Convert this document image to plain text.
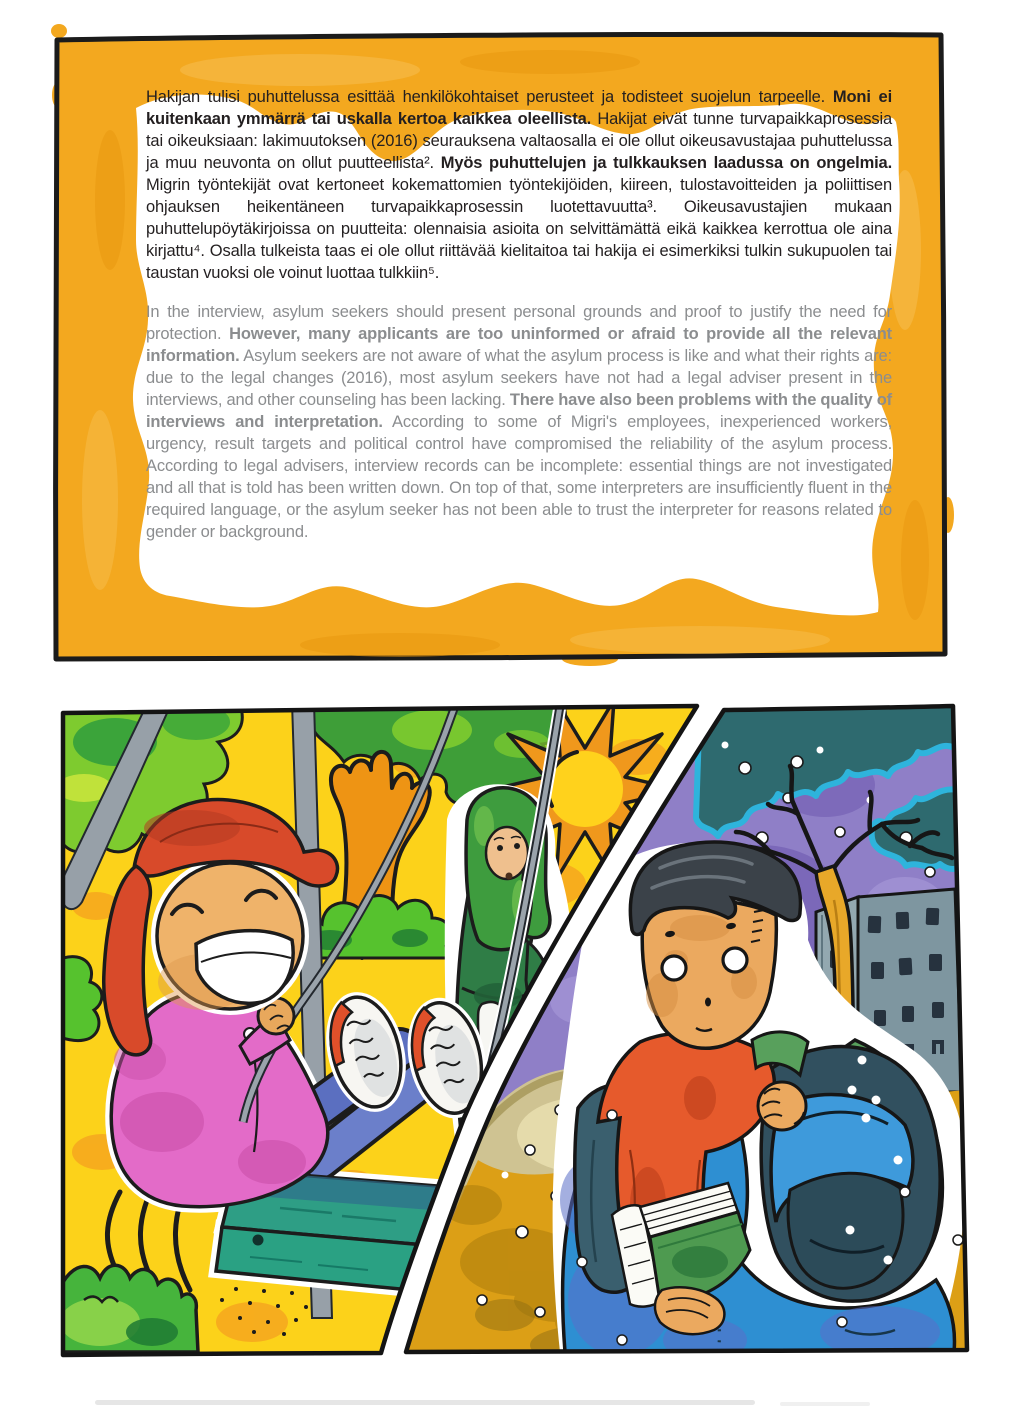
Hakijan tulisi puhuttelussa esittää henkilökohtaiset perusteet ja todisteet suojelun tarpeelle. Moni ei kuitenkaan ymmärrä tai uskalla kertoa kaikkea oleellista. Hakijat eivät tunne turvapaikkaprosessia tai oikeuksiaan: lakimuutoksen (2016) seurauksena valtaosalla ei ole ollut oikeusavustajaa puhuttelussa ja muu neuvonta on ollut puutteellista². Myös puhuttelujen ja tulkkauksen laadussa on ongelmia. Migrin työntekijät ovat kertoneet kokemattomien työntekijöiden, kiireen, tulostavoitteiden ja poliittisen ohjauksen heikentäneen turvapaikkaprosessin luotettavuutta³. Oikeusavustajien mukaan puhuttelupöytäkirjoissa on puutteita: olennaisia asioita on selvittämättä eikä kaikkea kerrottua ole aina kirjattu⁴. Osalla tulkeista taas ei ole ollut riittävää kielitaitoa tai hakija ei esimerkiksi tulkin sukupuolen tai taustan vuoksi ole voinut luottaa tulkkiin⁵.

In the interview, asylum seekers should present personal grounds and proof to justify the need for protection. However, many applicants are too uninformed or afraid to provide all the relevant information. Asylum seekers are not aware of what the asylum process is like and what their rights are: due to the legal changes (2016), most asylum seekers have not had a legal adviser present in the interviews, and other counseling has been lacking. There have also been problems with the quality of interviews and interpretation. According to some of Migri's employees, inexperienced workers, urgency, result targets and political control have compromised the reliability of the asylum process. According to legal advisers, interview records can be incomplete: essential things are not investigated and all that is told has been written down. On top of that, some interpreters are insufficiently fluent in the required language, or the asylum seeker has not been able to trust the interpreter for reasons related to gender or background.
